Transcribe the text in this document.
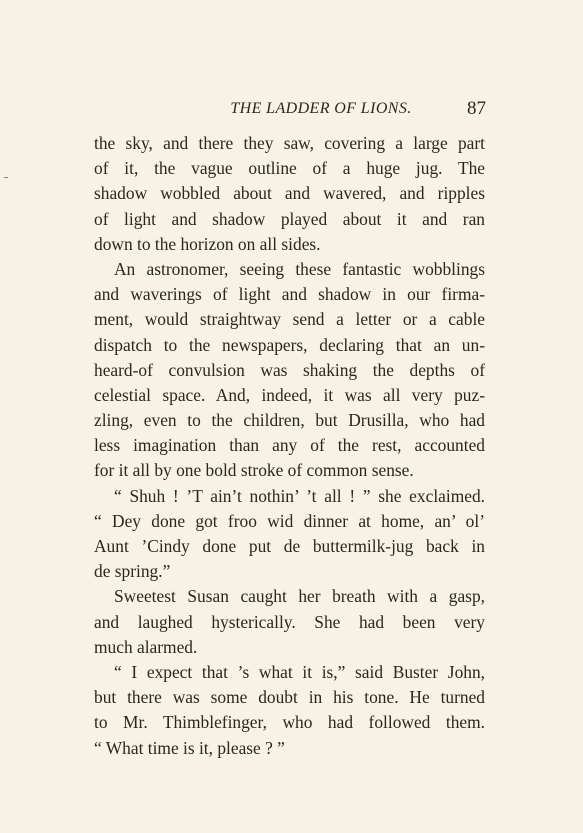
THE LADDER OF LIONS.	87
the sky, and there they saw, covering a large part
of it, the vague outline of a huge jug. The
shadow wobbled about and wavered, and ripples
of light and shadow played about it and ran
down to the horizon on all sides.
An astronomer, seeing these fantastic wobblings
and waverings of light and shadow in our firma-
ment, would straightway send a letter or a cable
dispatch to the newspapers, declaring that an un-
heard-of convulsion was shaking the depths of
celestial space. And, indeed, it was all very puz-
zling, even to the children, but Drusilla, who had
less imagination than any of the rest, accounted
for it all by one bold stroke of common sense.
“ Shuh ! ’T ain’t nothin’ ’t all ! ” she exclaimed.
“ Dey done got froo wid dinner at home, an’ ol’
Aunt ’Cindy done put de buttermilk-jug back in
de spring.”
Sweetest Susan caught her breath with a gasp,
and laughed hysterically. She had been very
much alarmed.
“ I expect that ’s what it is,” said Buster John,
but there was some doubt in his tone. He turned
to Mr. Thimblefinger, who had followed them.
“ What time is it, please ? ”
